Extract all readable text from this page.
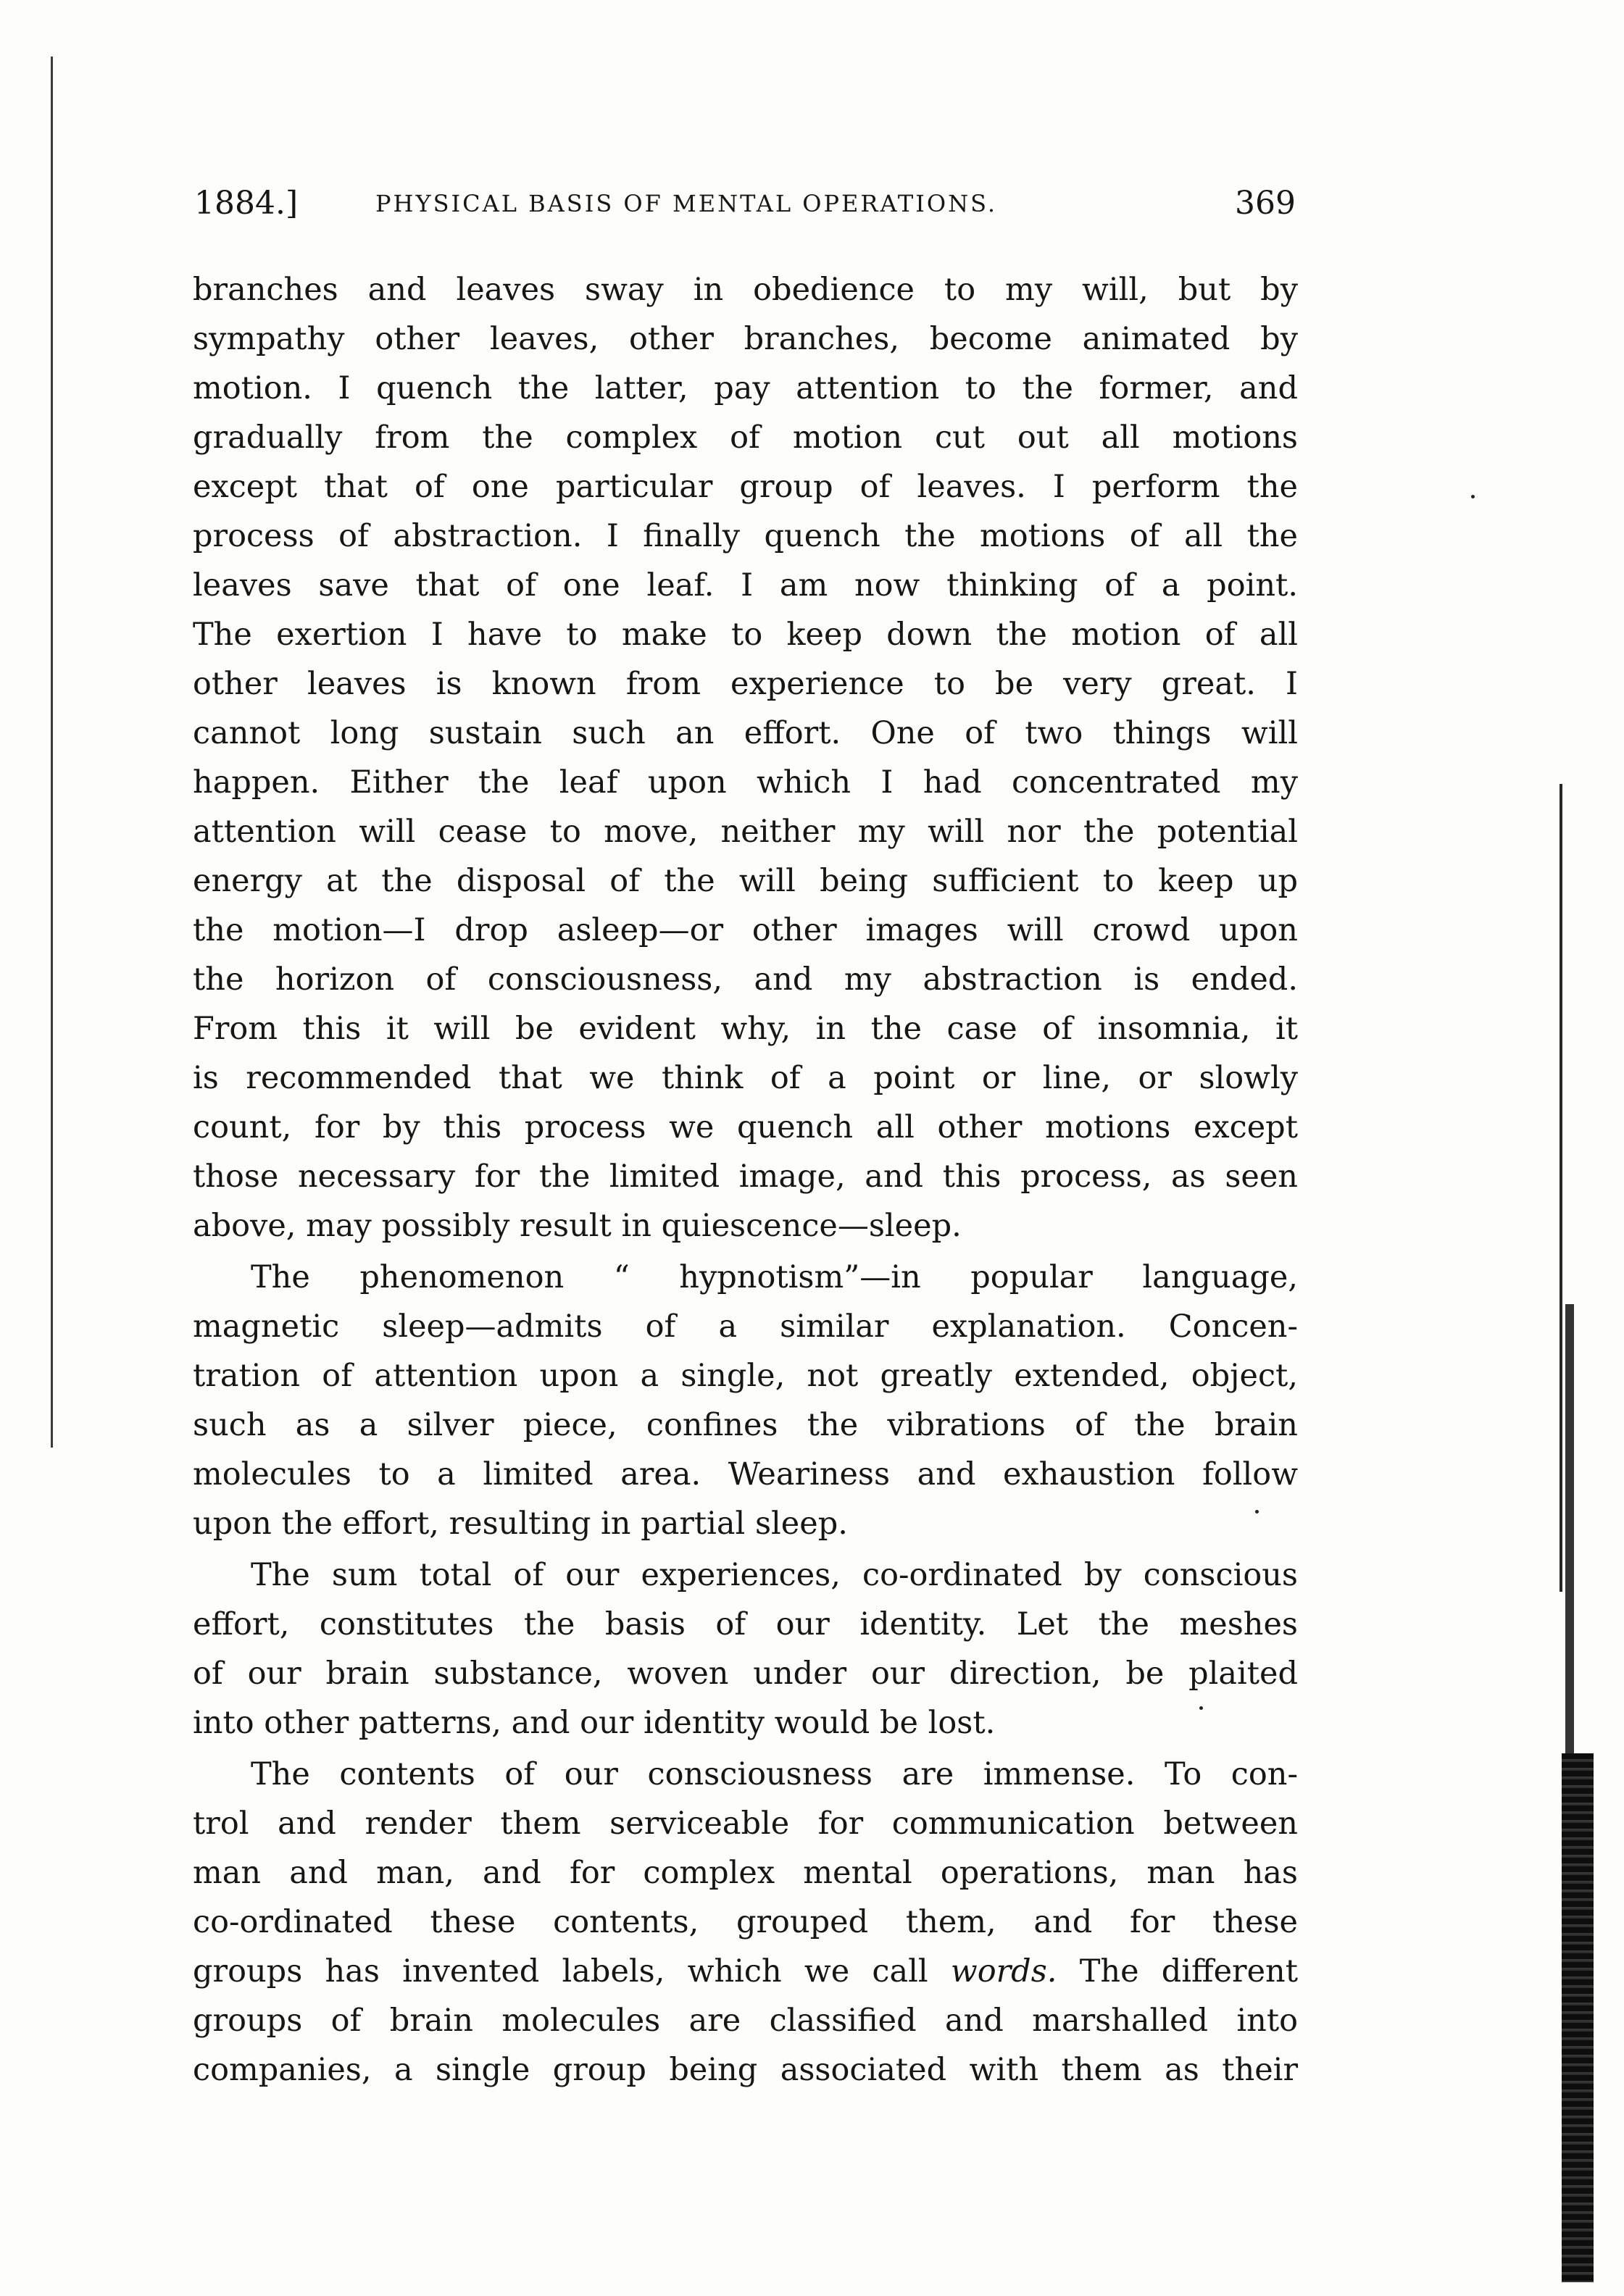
1884.]	PHYSICAL BASIS OF MENTAL OPERATIONS.	369
branches and leaves sway in obedience to my will, but by
sympathy other leaves, other branches, become animated by
motion. I quench the latter, pay attention to the former, and
gradually from the complex of motion cut out all motions
except that of one particular group of leaves. I perform the
process of abstraction. I finally quench the motions of all the
leaves save that of one leaf. I am now thinking of a point.
The exertion I have to make to keep down the motion of all
other leaves is known from experience to be very great. I
cannot long sustain such an effort. One of two things will
happen. Either the leaf upon which I had concentrated my
attention will cease to move, neither my will nor the potential
energy at the disposal of the will being sufficient to keep up
the motion—I drop asleep—or other images will crowd upon
the horizon of consciousness, and my abstraction is ended.
From this it will be evident why, in the case of insomnia, it
is recommended that we think of a point or line, or slowly
count, for by this process we quench all other motions except
those necessary for the limited image, and this process, as seen
above, may possibly result in quiescence—sleep.
The phenomenon “ hypnotism”—in popular language,
magnetic sleep—admits of a similar explanation. Concen-
tration of attention upon a single, not greatly extended, object,
such as a silver piece, confines the vibrations of the brain
molecules to a limited area. Weariness and exhaustion follow
upon the effort, resulting in partial sleep.
The sum total of our experiences, co-ordinated by conscious
effort, constitutes the basis of our identity. Let the meshes
of our brain substance, woven under our direction, be plaited
into other patterns, and our identity would be lost.
The contents of our consciousness are immense. To con-
trol and render them serviceable for communication between
man and man, and for complex mental operations, man has
co-ordinated these contents, grouped them, and for these
groups has invented labels, which we call words. The different
groups of brain molecules are classified and marshalled into
companies, a single group being associated with them as their
